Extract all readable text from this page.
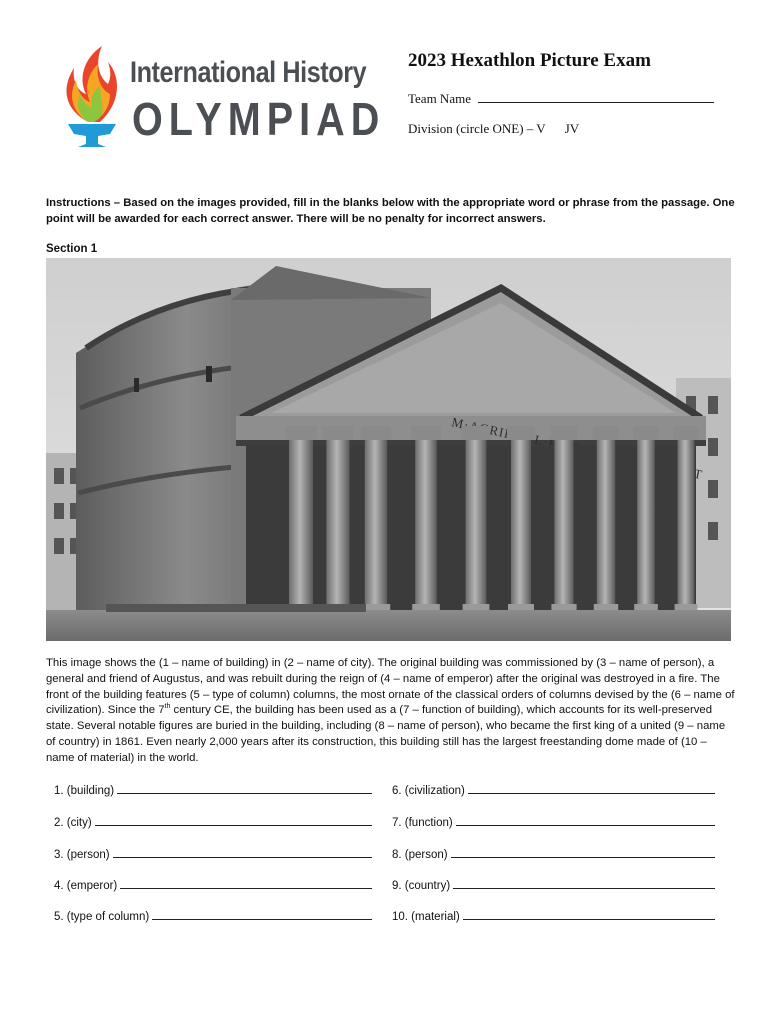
International History
OLYMPIAD
2023 Hexathlon Picture Exam
Team Name
Division (circle ONE) – V JV
Instructions – Based on the images provided, fill in the blanks below with the appropriate word or phrase from the passage. One point will be awarded for each correct answer. There will be no penalty for incorrect answers.
Section 1
This image shows the (1 – name of building) in (2 – name of city). The original building was commissioned by (3 – name of person), a general and friend of Augustus, and was rebuilt during the reign of (4 – name of emperor) after the original was destroyed in a fire. The front of the building features (5 – type of column) columns, the most ornate of the classical orders of columns devised by the (6 – name of civilization). Since the 7th century CE, the building has been used as a (7 – function of building), which accounts for its well-preserved state. Several notable figures are buried in the building, including (8 – name of person), who became the first king of a united (9 – name of country) in 1861. Even nearly 2,000 years after its construction, this building still has the largest freestanding dome made of (10 – name of material) in the world.
1. (building)
2. (city)
3. (person)
4. (emperor)
5. (type of column)
6. (civilization)
7. (function)
8. (person)
9. (country)
10. (material)
